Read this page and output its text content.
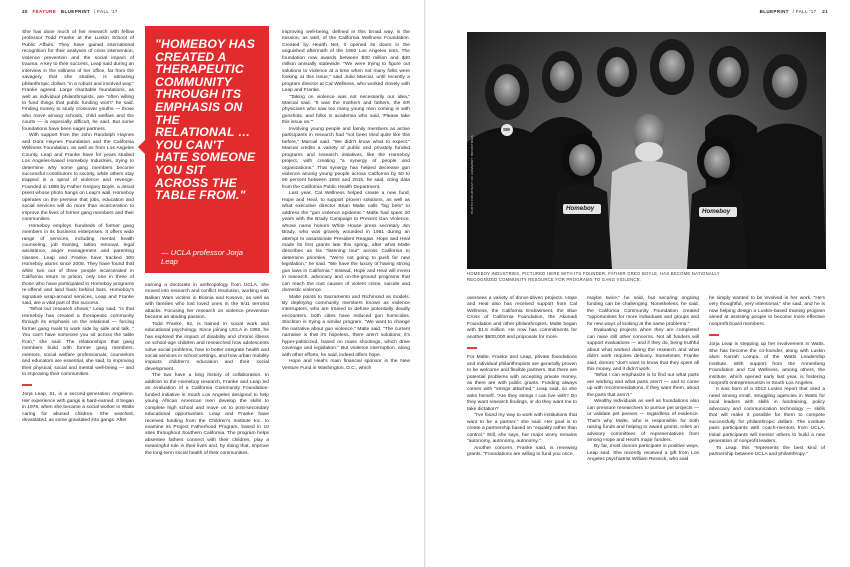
20 FEATURE BLUEPRINT / FALL '17

She has done much of her research with fellow professor Todd Franke at the Luskin School of Public Affairs. They have gained international recognition for their analyses of crisis intervention, violence prevention and the social impact of trauma. A key to their success, Leap said during an interview in the stillness of her office, far from the savagery that she studies, is attracting philanthropic dollars "in a robust and involved way." Franke agreed. Large charitable foundations, as well as individual philanthropists, are "often willing to fund things that public funding won't" he said. Finding money to study crossover youths — those who move among schools, child welfare and the courts — is especially difficult, he said. But some foundations have been eager partners.

With support from the John Randolph Haynes and Dora Haynes Foundation and the California Wellness Foundation, as well as from Los Angeles County, Leap and Franke have for years studied Los Angeles-based Homeboy Industries, trying to determine why some gang members become successful contributors to society, while others stay trapped in a spiral of violence and revenge. Founded in 1988 by Father Gregory Boyle, a Jesuit priest whose photo hangs on Leap's wall, Homeboy operates on the premise that jobs, education and social services will do more than incarceration to improve the lives of former gang members and their communities.

Homeboy employs hundreds of former gang members in its business enterprises. It offers wide range of services, including mental health counseling, job training, tattoo removal, legal assistance, anger management and parenting classes. Leap and Franke have tracked 300 Homeboy alums since 2008. They have found that while two out of three people incarcerated in California return to prison, only one in three of those who have participated in Homeboy programs re-offend and land back behind bars. Homeboy's signature wrap-around services, Leap and Franke said, are a vital part of this success.

"What our research shows," Leap said, "is that Homeboy has created a therapeutic community through its emphasis on the relational — forcing former gang rivals to work side by side and talk. " You can't have someone you sit across the table from," she said. The relationships that gang members build with former gang members, mentors, social welfare professionals, counselors and educators are essential, she said, to improving their physical, social and mental well-being — and to improving their communities.

Jorja Leap, 61, is a second-generation Angeleno. Her experience with gangs is hard-earned. It began in 1979, when she became a social worker in Watts caring for abused children. She watched, devastated, as some gravitated into gangs. After

earning a doctorate in anthropology from UCLA, she moved into research and conflict resolution, working with Balkan Wars victims in Bosnia and Kosovo, as well as with families who lost loved ones in the 9/11 terrorist attacks. Focusing her research on violence prevention became an abiding passion.

Todd Franke, 62, is trained in social work and educational psychology. Since joining UCLA in 1992, he has explored the impact of disability and chronic illness on school-age children and researched how adolescents solve social problems, how to better integrate health and social services in school settings, and how urban mobility impacts children's education and their social development.

The two have a long history of collaboration. In addition to the Homeboy research, Franke and Leap led an evaluation of a California Community Foundation-funded initiative in South Los Angeles designed to help young African American men develop the skills to complete high school and move on to post-secondary educational opportunities. Leap and Franke have received funding from the Children's Institute Inc. to examine its Project Fatherhood Program, based in 10 sites throughout Southern California. The program helps absentee fathers connect with their children, play a meaningful role in their lives and, by doing that, improve the long-term social health of their communities.

improving well-being, defined in this broad way, is the mission, as well, of the California Wellness Foundation. Created by Health Net, it opened its doors in the anguished aftermath of the 1992 Los Angeles riots. The foundation now awards between $30 million and $40 million annually statewide. "We were trying to figure out solutions to violence at a time when not many folks were looking at this issue," said Julio Marcial, until recently a program director at Cal Wellness, who worked closely with Leap and Franke.

"Taking on violence was not necessarily our idea," Marcial said. "It was the mothers and fathers, the ER physicians who saw too many young men coming in with gunshots, and folks in academia who said, 'Please take this issue on.'"

Involving young people and family members as active participants in research had "not been tried quite like this before," Marcial said. "We didn't know what to expect." Marcial credits a variety of public and privately funded programs and research initiatives, like the Homeboy project, with creating "a synergy of people and organizations." That synergy has helped decrease gun violence among young people across California by 50 to 60 percent between 1992 and 2015, he said, citing data from the California Public Health Department.

Last year, Cal Wellness helped create a new fund, Hope and Heal, to support proven solutions, as well as what executive director Brian Malte calls "big bets" to address the "gun violence epidemic." Malte had spent 20 years with the Brady Campaign to Prevent Gun Violence, whose name honors White House press secretary Jim Brady, who was gravely wounded in 1981 during an attempt to assassinate President Reagan. Hope and Heal made its first grants late this spring, after what Malte describes as his "listening tour" across California to determine priorities. "We're not going to push for new legislation," he said. "We have the luxury of having strong gun laws in California." Instead, Hope and Heal will invest in research, advocacy and on-the-ground programs that can reach the root causes of violent crime, suicide and domestic violence.

Malte points to Sacramento and Richmond as models. By deploying community members known as violence interrupters, who are trained to defuse potentially deadly encounters, both cities have reduced gun homicides. Stockton is trying a similar program. "We want to change the narrative about gun violence," Malte said. "The current narrative is that it's hopeless, there aren't solutions; it's hyper-politicized, based on mass shootings, which drive coverage and legislation." But violence interruption, along with other efforts, he said, indeed offers hope.

Hope and Heal's main financial sponsor is the New Venture Fund in Washington, D.C., which

"HOMEBOY HAS CREATED A THERAPEUTIC COMMUNITY THROUGH ITS EMPHASIS ON THE RELATIONAL … YOU CAN'T HATE SOMEONE YOU SIT ACROSS THE TABLE FROM."
— UCLA professor Jorja Leap
BLUEPRINT / FALL '17 21
Homeboy	Homeboy
SM
PHOTO COURTESY OF HOMEBOY INDUSTRIES
HOMEBOY INDUSTRIES, PICTURED HERE WITH ITS FOUNDER, FATHER GREG BOYLE, HAS BECOME NATIONALLY RECOGNIZED COMMUNITY RESOURCE FOR PROGRAMS TO GANG VIOLENCE.

oversees a variety of donor-driven projects. Hope and Heal also has received support from Cal Wellness, the California Endowment, the Blue Cross of California Foundation, the Akonadi Foundation and other philanthropies. Malte began with $1.5 million. He now has commitments for another $600,000 and proposals for more.

For Malte, Franke and Leap, private foundations and individual philanthropists are generally proven to be welcome and flexible partners. But there are potential problems with accepting private money, as there are with public grants. Funding always comes with "strings attached," Leap said, so she asks herself, "Are they strings I can live with? Do they want research findings, or do they want me to take dictation?

"I've found my way to work with institutions that want to be a partner," she said. Her goal is to create a partnership based on "equality rather than control." Still, she says, her major worry remains "autonomy, autonomy, autonomy."

Another concern, Franke said, is renewing grants. "Foundations are willing to fund you once,

maybe twice," he said, but securing ongoing funding can be challenging. Nonetheless, he said, the California Community Foundation created "opportunities for more individuals and groups and for new ways of looking at the same problems."

Evaluating projects when they are completed can raise still other concerns. Not all funders will support evaluations — and if they do, being truthful about what worked during the research and what didn't work requires delicacy. Sometimes, Franke said, donors "don't want to know that they spent all this money, and it didn't work.

"What I can emphasize is to find out what parts are working and what parts aren't — and to come up with recommendations, if they want them, about the parts that aren't."

Wealthy individuals as well as foundations also can pressure researchers to pursue pet projects — or validate pet peeves — regardless of evidence. That's why Malte, who is responsible for both raising funds and helping to award grants, relies on advisory committees of representatives from among Hope and Heal's major funders.

By far, most donors participate in positive ways, Leap said. She recently received a gift from Los Angeles psychiatrist William Resnick, who said

he simply wanted to be involved in her work. "He's very thoughtful, very intentional," she said, and he is now helping design a Luskin-based training program aimed at assisting people to become more effective nonprofit board members.

Jorja Leap is stepping up her involvement in Watts. She has become the co-founder, along with Luskin alum Karrah Lompa, of the Watts Leadership Institute. With support from the Annenberg Foundation and Cal Wellness, among others, the institute, which opened early last year, is fostering nonprofit entrepreneurism in South Los Angeles.

It was born of a 2013 Luskin report that cited a need among small, struggling agencies in Watts for local leaders with skills in fundraising, policy advocacy and communication technology — skills that will make it possible for them to compete successfully for philanthropic dollars. The institute pairs participants with coach-mentors from UCLA. Initial participants will mentor others to build a new generation of nonprofit leaders.

To Leap, this "represents the best kind of partnership between UCLA and philanthropy."
